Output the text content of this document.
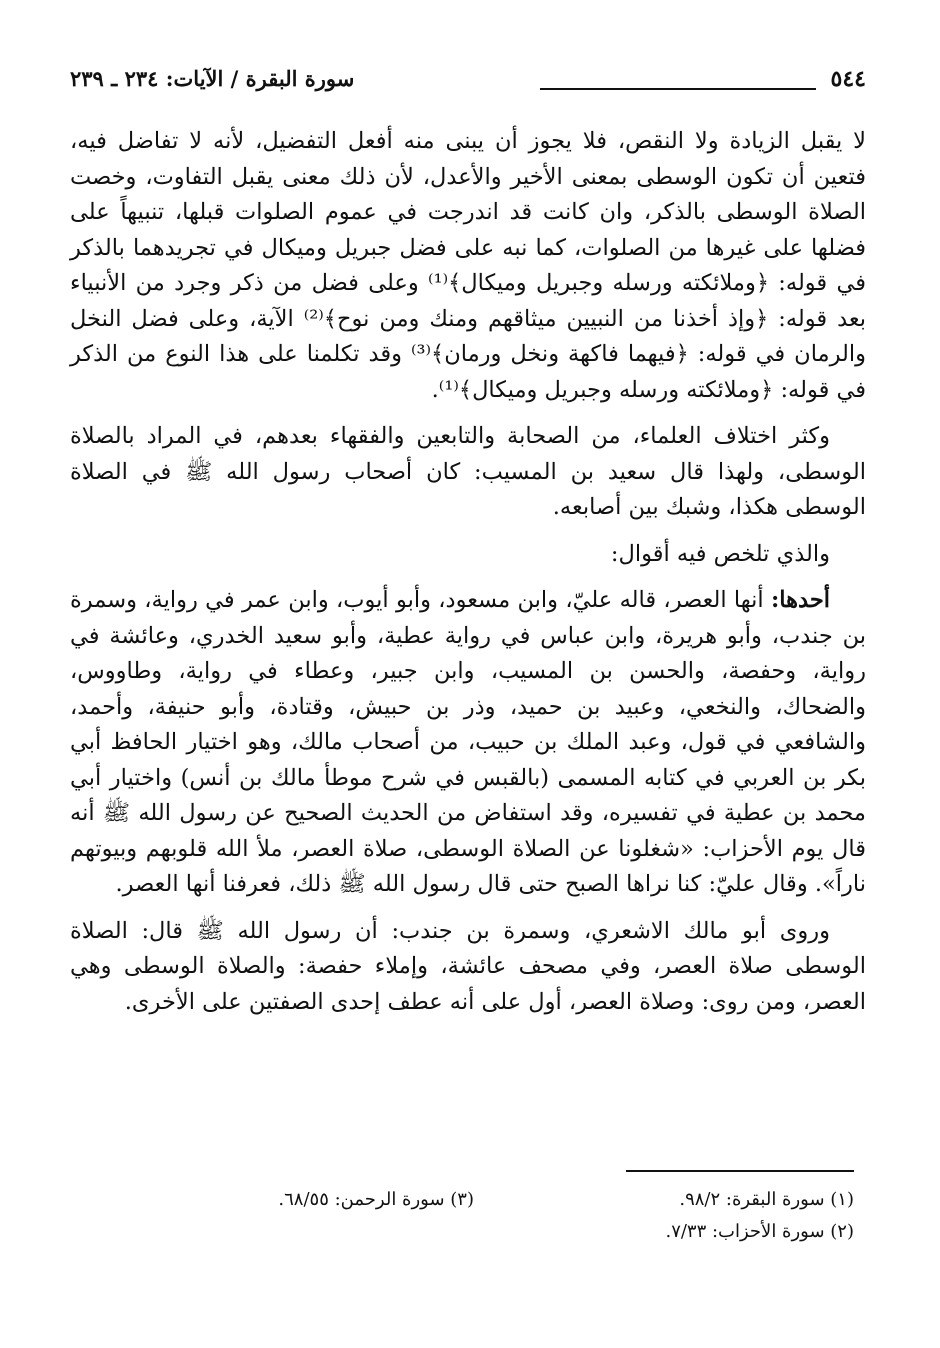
٥٤٤
سورة البقرة / الآيات: ٢٣٤ ـ ٢٣٩

لا يقبل الزيادة ولا النقص، فلا يجوز أن يبنى منه أفعل التفضيل، لأنه لا تفاضل فيه، فتعين أن تكون الوسطى بمعنى الأخير والأعدل، لأن ذلك معنى يقبل التفاوت، وخصت الصلاة الوسطى بالذكر، وان كانت قد اندرجت في عموم الصلوات قبلها، تنبيهاً على فضلها على غيرها من الصلوات، كما نبه على فضل جبريل وميكال في تجريدهما بالذكر في قوله: ﴿وملائكته ورسله وجبريل وميكال﴾⁽¹⁾ وعلى فضل من ذكر وجرد من الأنبياء بعد قوله: ﴿وإذ أخذنا من النبيين ميثاقهم ومنك ومن نوح﴾⁽²⁾ الآية، وعلى فضل النخل والرمان في قوله: ﴿فيهما فاكهة ونخل ورمان﴾⁽³⁾ وقد تكلمنا على هذا النوع من الذكر في قوله: ﴿وملائكته ورسله وجبريل وميكال﴾⁽¹⁾.

وكثر اختلاف العلماء، من الصحابة والتابعين والفقهاء بعدهم، في المراد بالصلاة الوسطى، ولهذا قال سعيد بن المسيب: كان أصحاب رسول الله ﷺ في الصلاة الوسطى هكذا، وشبك بين أصابعه.

والذي تلخص فيه أقوال:

أحدها: أنها العصر، قاله عليّ، وابن مسعود، وأبو أيوب، وابن عمر في رواية، وسمرة بن جندب، وأبو هريرة، وابن عباس في رواية عطية، وأبو سعيد الخدري، وعائشة في رواية، وحفصة، والحسن بن المسيب، وابن جبير، وعطاء في رواية، وطاووس، والضحاك، والنخعي، وعبيد بن حميد، وذر بن حبيش، وقتادة، وأبو حنيفة، وأحمد، والشافعي في قول، وعبد الملك بن حبيب، من أصحاب مالك، وهو اختيار الحافظ أبي بكر بن العربي في كتابه المسمى (بالقبس في شرح موطأ مالك بن أنس) واختيار أبي محمد بن عطية في تفسيره، وقد استفاض من الحديث الصحيح عن رسول الله ﷺ أنه قال يوم الأحزاب: «شغلونا عن الصلاة الوسطى، صلاة العصر، ملأ الله قلوبهم وبيوتهم ناراً». وقال عليّ: كنا نراها الصبح حتى قال رسول الله ﷺ ذلك، فعرفنا أنها العصر.

وروى أبو مالك الاشعري، وسمرة بن جندب: أن رسول الله ﷺ قال: الصلاة الوسطى صلاة العصر، وفي مصحف عائشة، وإملاء حفصة: والصلاة الوسطى وهي العصر، ومن روى: وصلاة العصر، أول على أنه عطف إحدى الصفتين على الأخرى.

(١) سورة البقرة: ٩٨/٢.
(٣) سورة الرحمن: ٦٨/٥٥.
(٢) سورة الأحزاب: ٧/٣٣.
